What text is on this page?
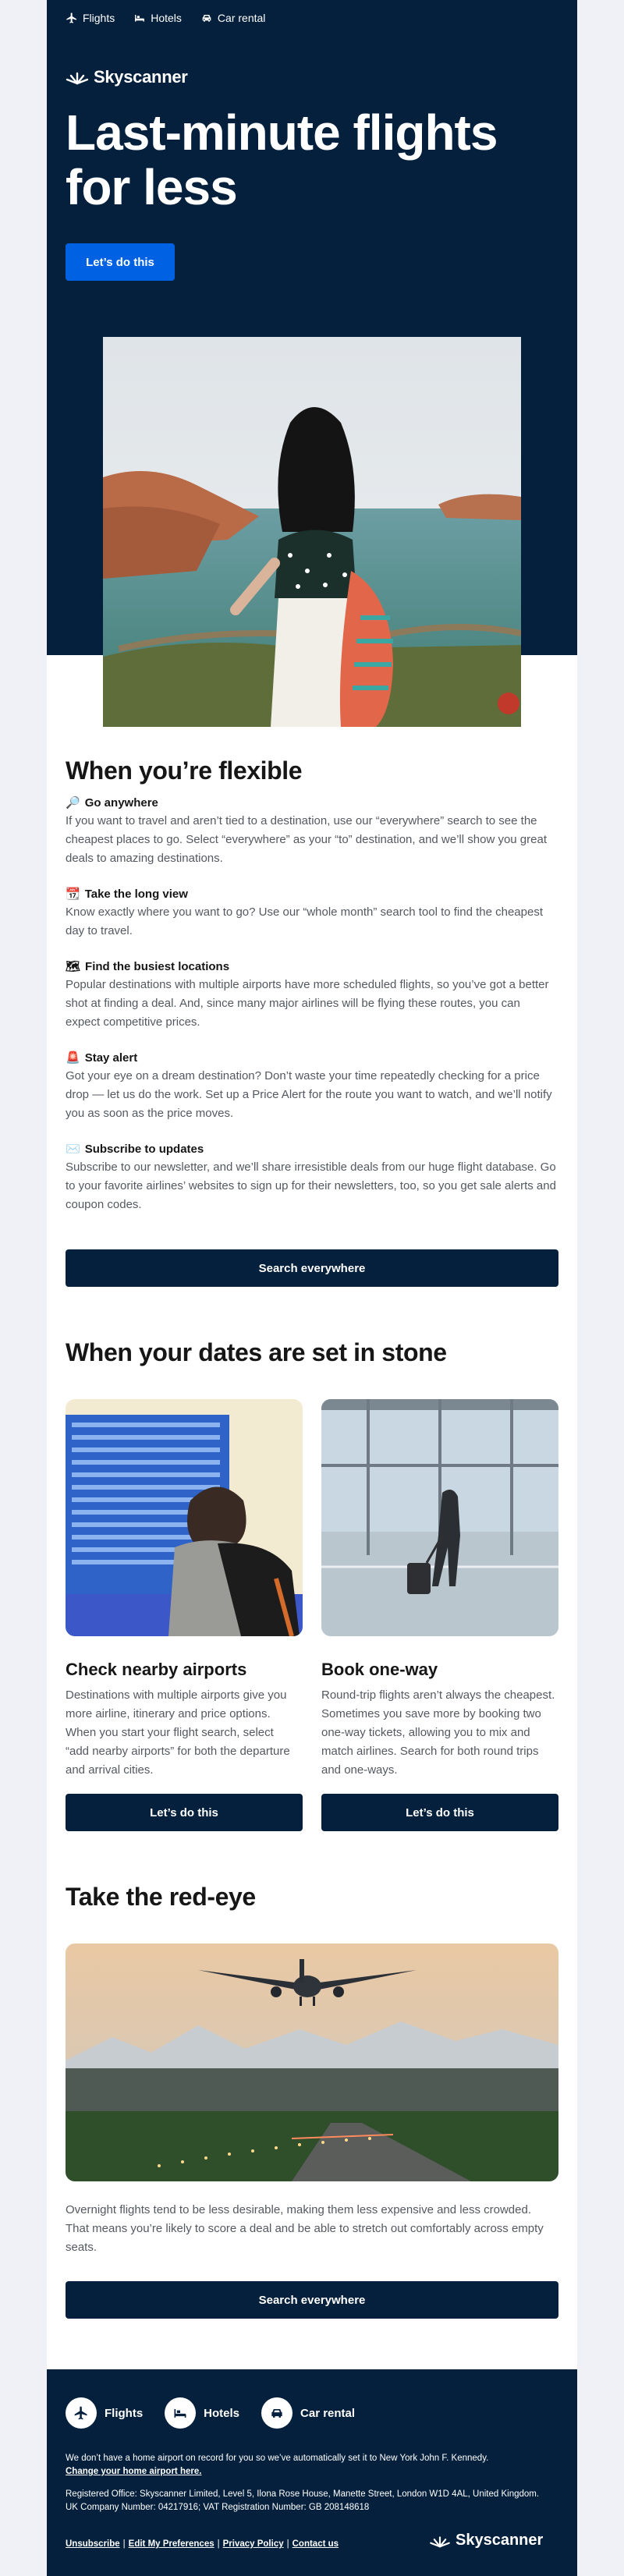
Flights	Hotels	Car rental
Skyscanner
Last-minute flights for less
Let’s do this
When you’re flexible
🔎 Go anywhere
If you want to travel and aren’t tied to a destination, use our “everywhere” search to see the cheapest places to go. Select “everywhere” as your “to” destination, and we’ll show you great deals to amazing destinations.
📆 Take the long view
Know exactly where you want to go? Use our “whole month” search tool to find the cheapest day to travel.
🗺 Find the busiest locations
Popular destinations with multiple airports have more scheduled flights, so you’ve got a better shot at finding a deal. And, since many major airlines will be flying these routes, you can expect competitive prices.
🚨 Stay alert
Got your eye on a dream destination? Don’t waste your time repeatedly checking for a price drop — let us do the work. Set up a Price Alert for the route you want to watch, and we’ll notify you as soon as the price moves.
✉️ Subscribe to updates
Subscribe to our newsletter, and we’ll share irresistible deals from our huge flight database. Go to your favorite airlines’ websites to sign up for their newsletters, too, so you get sale alerts and coupon codes.
Search everywhere
When your dates are set in stone
Check nearby airports	Book one-way
Destinations with multiple airports give you more airline, itinerary and price options. When you start your flight search, select “add nearby airports” for both the departure and arrival cities.
Round-trip flights aren’t always the cheapest. Sometimes you save more by booking two one-way tickets, allowing you to mix and match airlines. Search for both round trips and one-ways.
Let’s do this	Let’s do this
Take the red-eye
Overnight flights tend to be less desirable, making them less expensive and less crowded. That means you’re likely to score a deal and be able to stretch out comfortably across empty seats.
Search everywhere
Flights	Hotels	Car rental
We don’t have a home airport on record for you so we’ve automatically set it to New York John F. Kennedy.
Change your home airport here.
Registered Office: Skyscanner Limited, Level 5, Ilona Rose House, Manette Street, London W1D 4AL, United Kingdom. UK Company Number: 04217916; VAT Registration Number: GB 208148618
Unsubscribe | Edit My Preferences | Privacy Policy | Contact us	Skyscanner
